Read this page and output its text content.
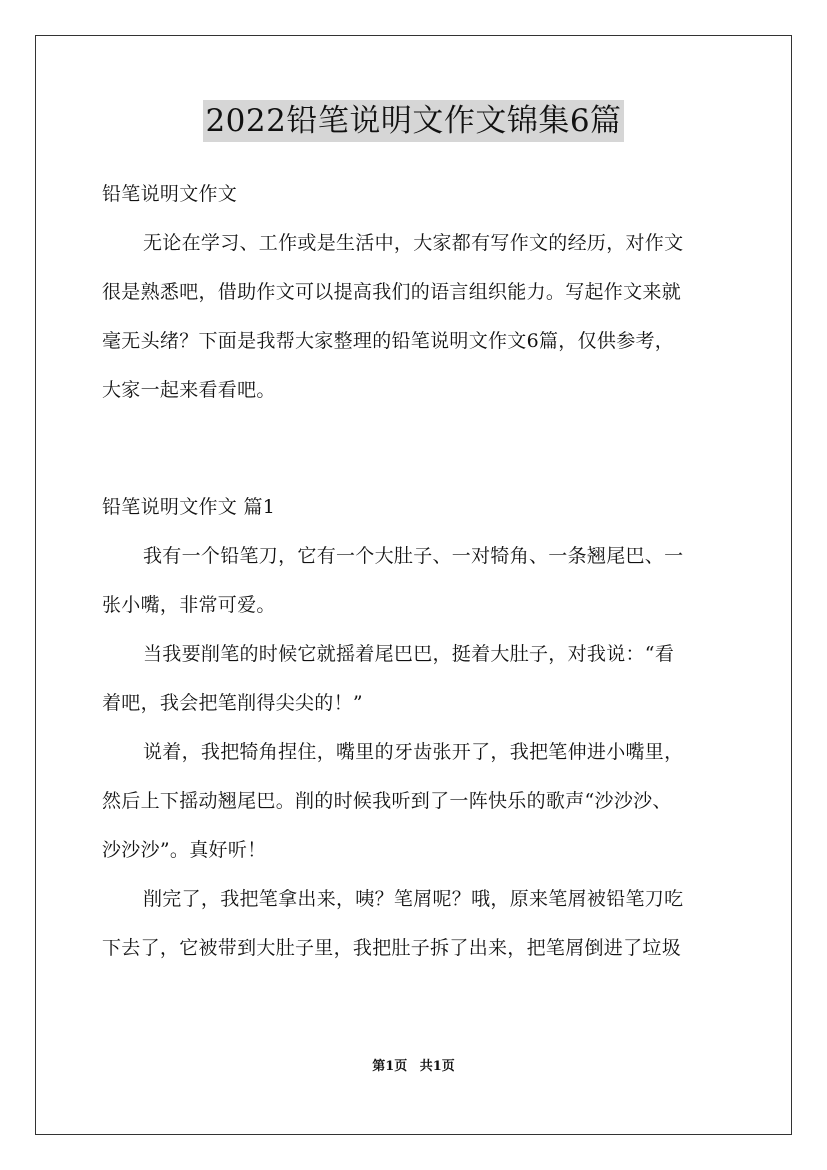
2022铅笔说明文作文锦集6篇
铅笔说明文作文
无论在学习、工作或是生活中，大家都有写作文的经历，对作文
很是熟悉吧，借助作文可以提高我们的语言组织能力。写起作文来就
毫无头绪？下面是我帮大家整理的铅笔说明文作文6篇，仅供参考，
大家一起来看看吧。
铅笔说明文作文 篇1
我有一个铅笔刀，它有一个大肚子、一对犄角、一条翘尾巴、一
张小嘴，非常可爱。
当我要削笔的时候它就摇着尾巴巴，挺着大肚子，对我说：“看
着吧，我会把笔削得尖尖的！”
说着，我把犄角捏住，嘴里的牙齿张开了，我把笔伸进小嘴里，
然后上下摇动翘尾巴。削的时候我听到了一阵快乐的歌声“沙沙沙、
沙沙沙”。真好听！
削完了，我把笔拿出来，咦？笔屑呢？哦，原来笔屑被铅笔刀吃
下去了，它被带到大肚子里，我把肚子拆了出来，把笔屑倒进了垃圾
第1页 共1页
